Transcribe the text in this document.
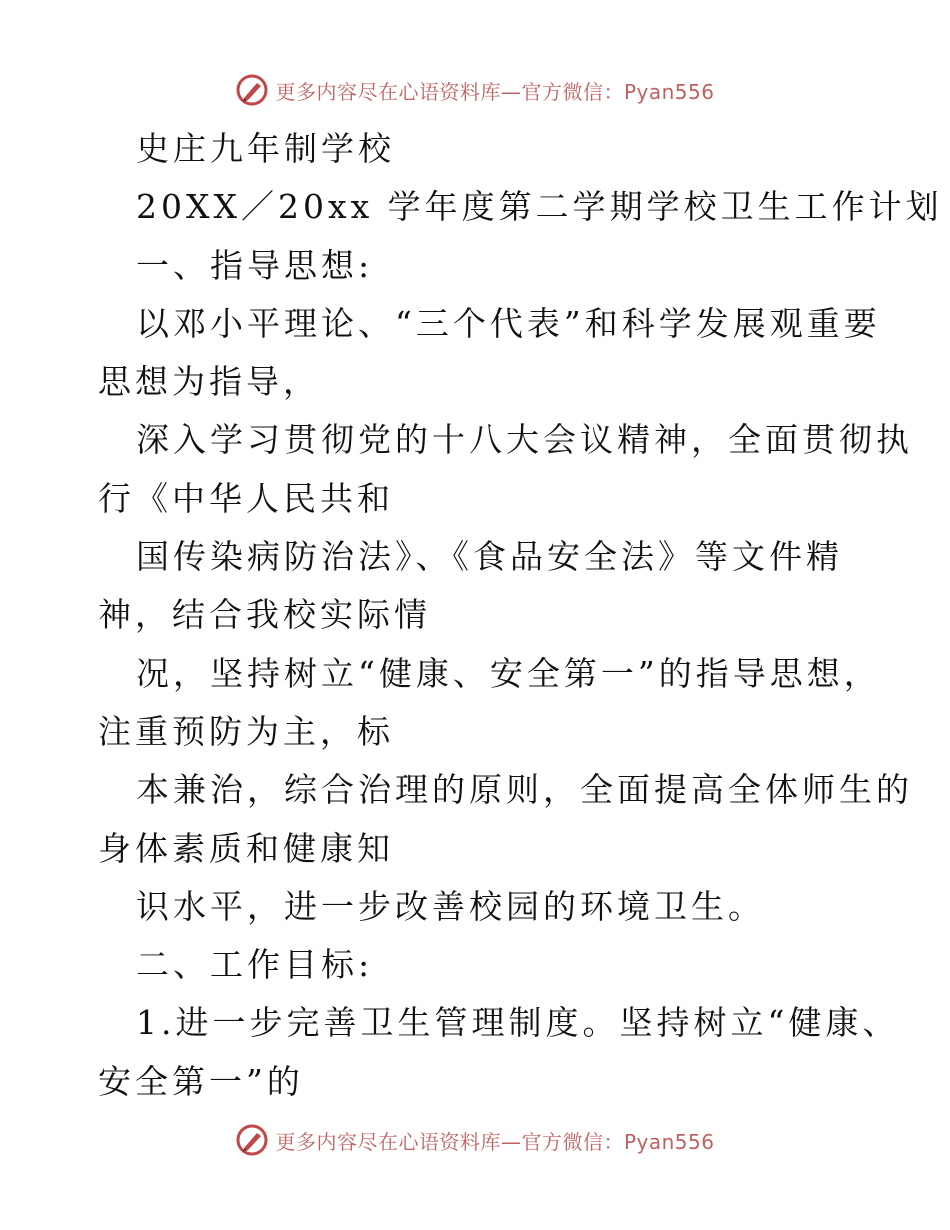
更多内容尽在心语资料库—官方微信：Pyan556
史庄九年制学校
20XX／20xx 学年度第二学期学校卫生工作计划
一、指导思想:
以邓小平理论、“三个代表”和科学发展观重要
思想为指导，
深入学习贯彻党的十八大会议精神，全面贯彻执
行《中华人民共和
国传染病防治法》、《食品安全法》等文件精
神，结合我校实际情
况，坚持树立“健康、安全第一”的指导思想，
注重预防为主，标
本兼治，综合治理的原则，全面提高全体师生的
身体素质和健康知
识水平，进一步改善校园的环境卫生。
二、工作目标:
1.进一步完善卫生管理制度。坚持树立“健康、
安全第一”的
更多内容尽在心语资料库—官方微信：Pyan556
